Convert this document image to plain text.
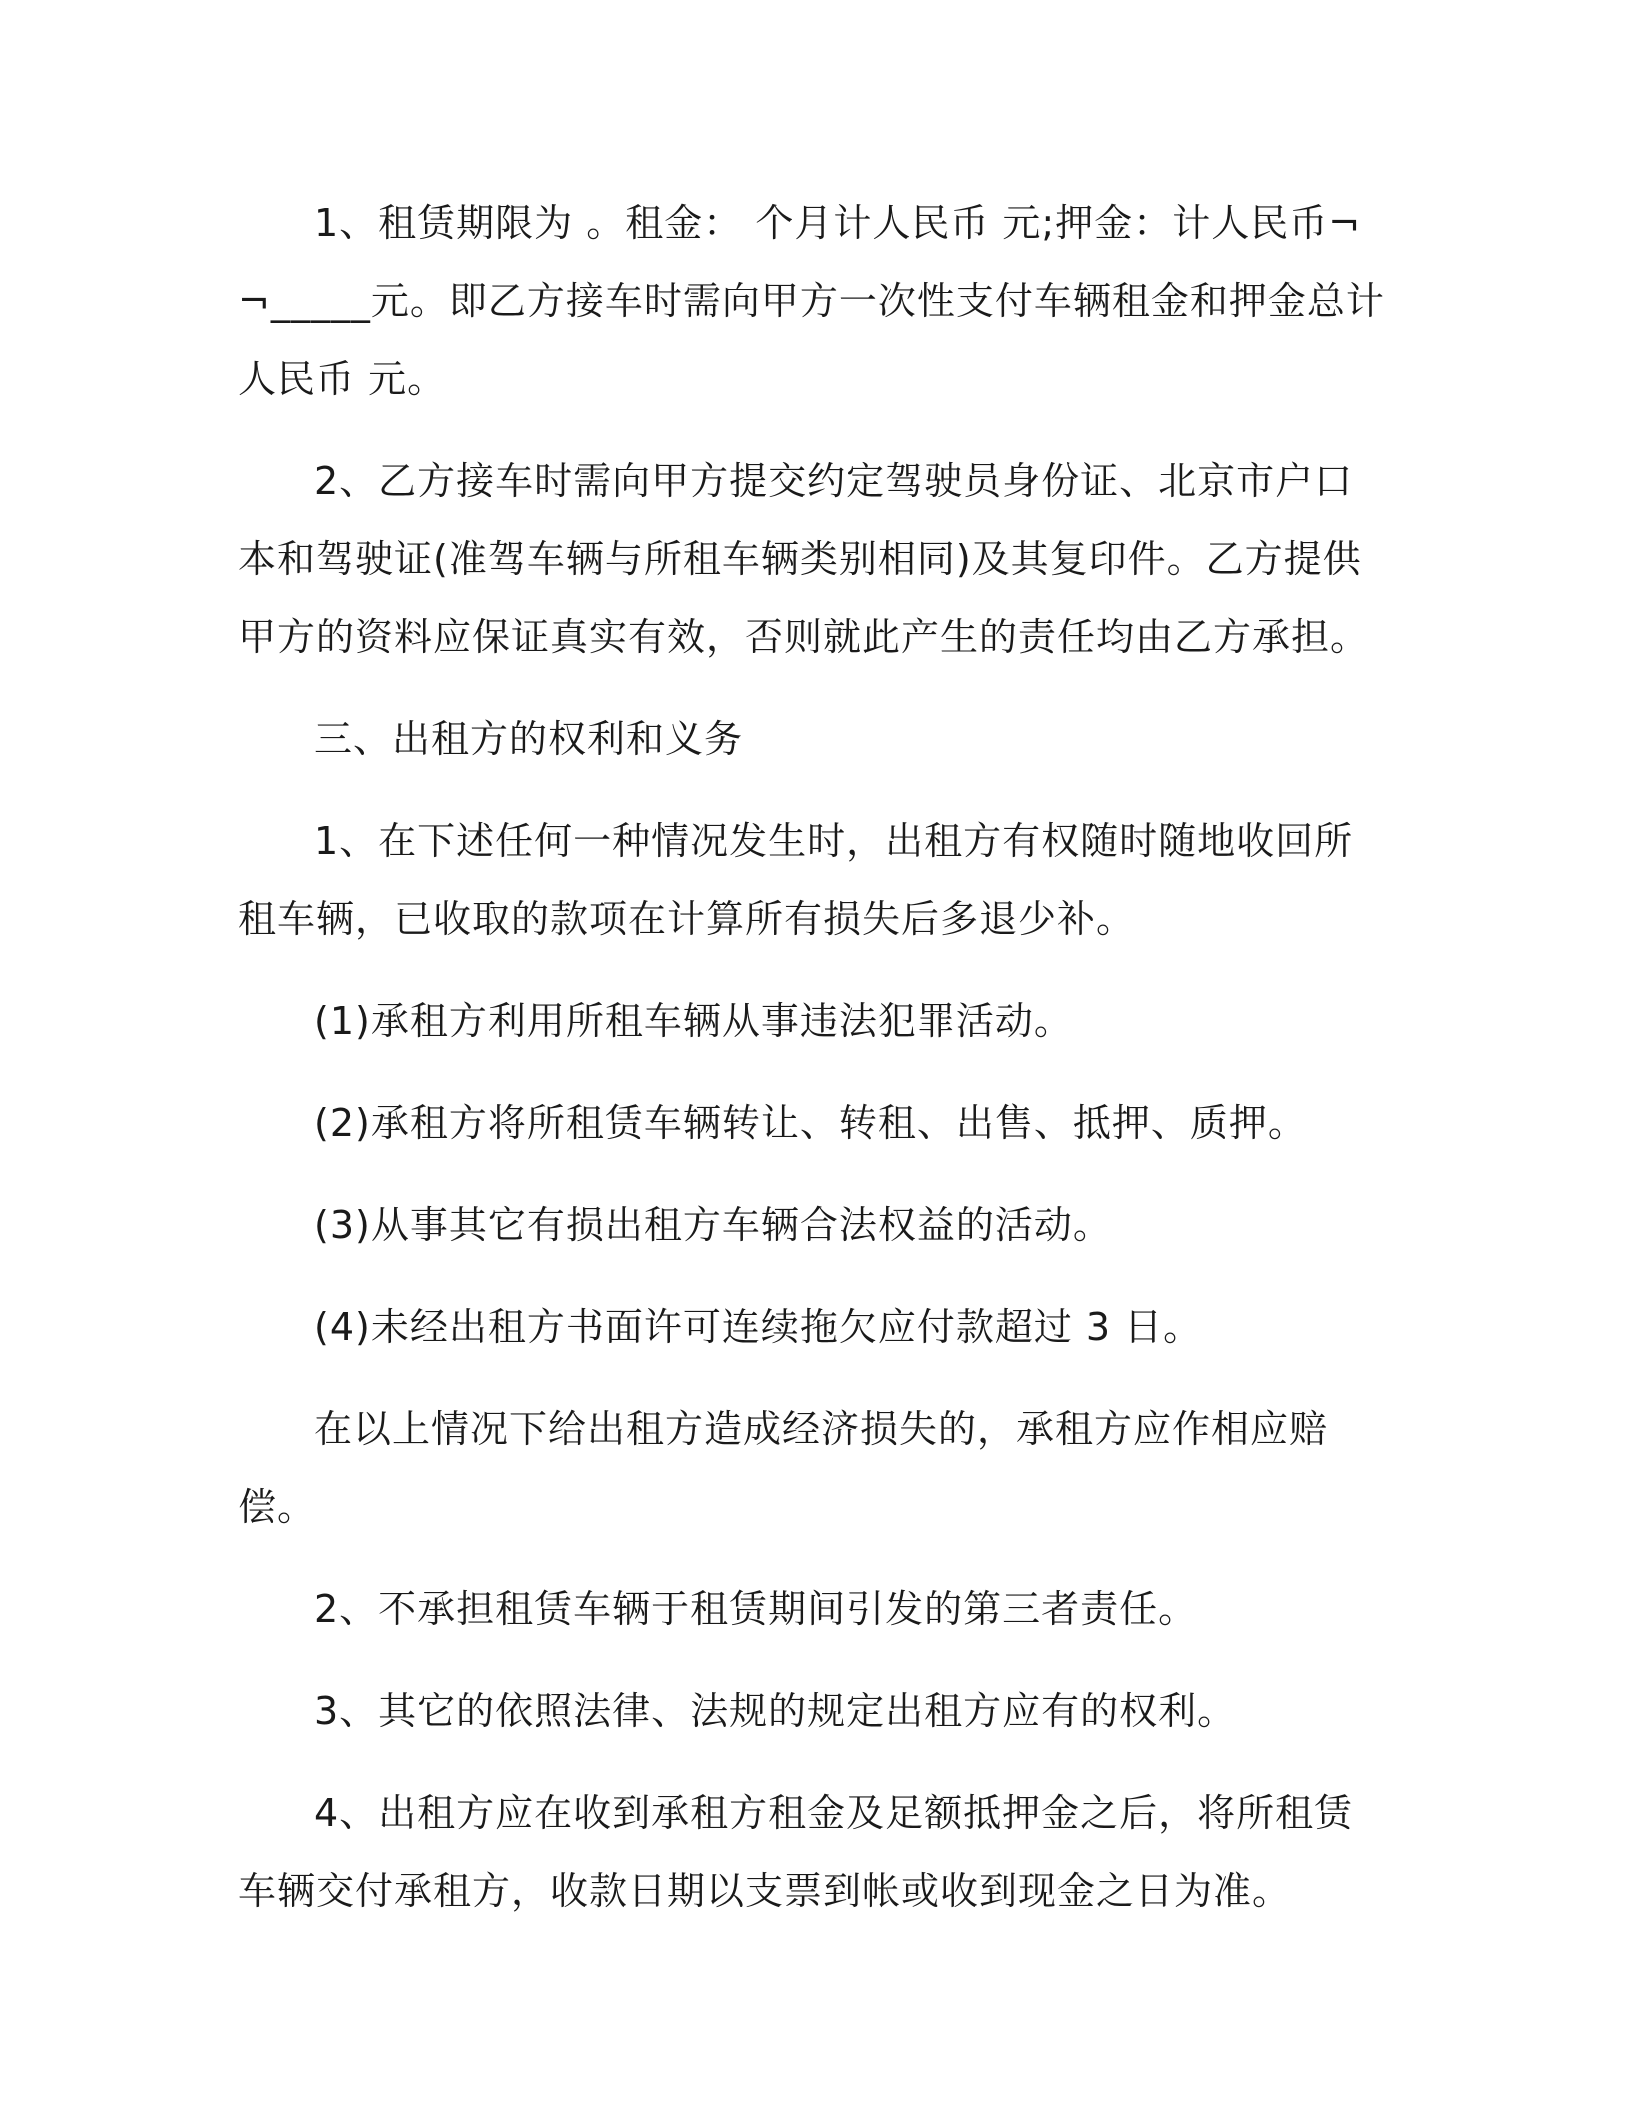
1、租赁期限为 。租金： 个月计人民币 元;押金：计人民币¬¬_____元。即乙方接车时需向甲方一次性支付车辆租金和押金总计人民币 元。

2、乙方接车时需向甲方提交约定驾驶员身份证、北京市户口本和驾驶证(准驾车辆与所租车辆类别相同)及其复印件。乙方提供甲方的资料应保证真实有效，否则就此产生的责任均由乙方承担。

三、出租方的权利和义务

1、在下述任何一种情况发生时，出租方有权随时随地收回所租车辆，已收取的款项在计算所有损失后多退少补。

(1)承租方利用所租车辆从事违法犯罪活动。

(2)承租方将所租赁车辆转让、转租、出售、抵押、质押。

(3)从事其它有损出租方车辆合法权益的活动。

(4)未经出租方书面许可连续拖欠应付款超过 3 日。

在以上情况下给出租方造成经济损失的，承租方应作相应赔偿。

2、不承担租赁车辆于租赁期间引发的第三者责任。

3、其它的依照法律、法规的规定出租方应有的权利。

4、出租方应在收到承租方租金及足额抵押金之后，将所租赁车辆交付承租方，收款日期以支票到帐或收到现金之日为准。
